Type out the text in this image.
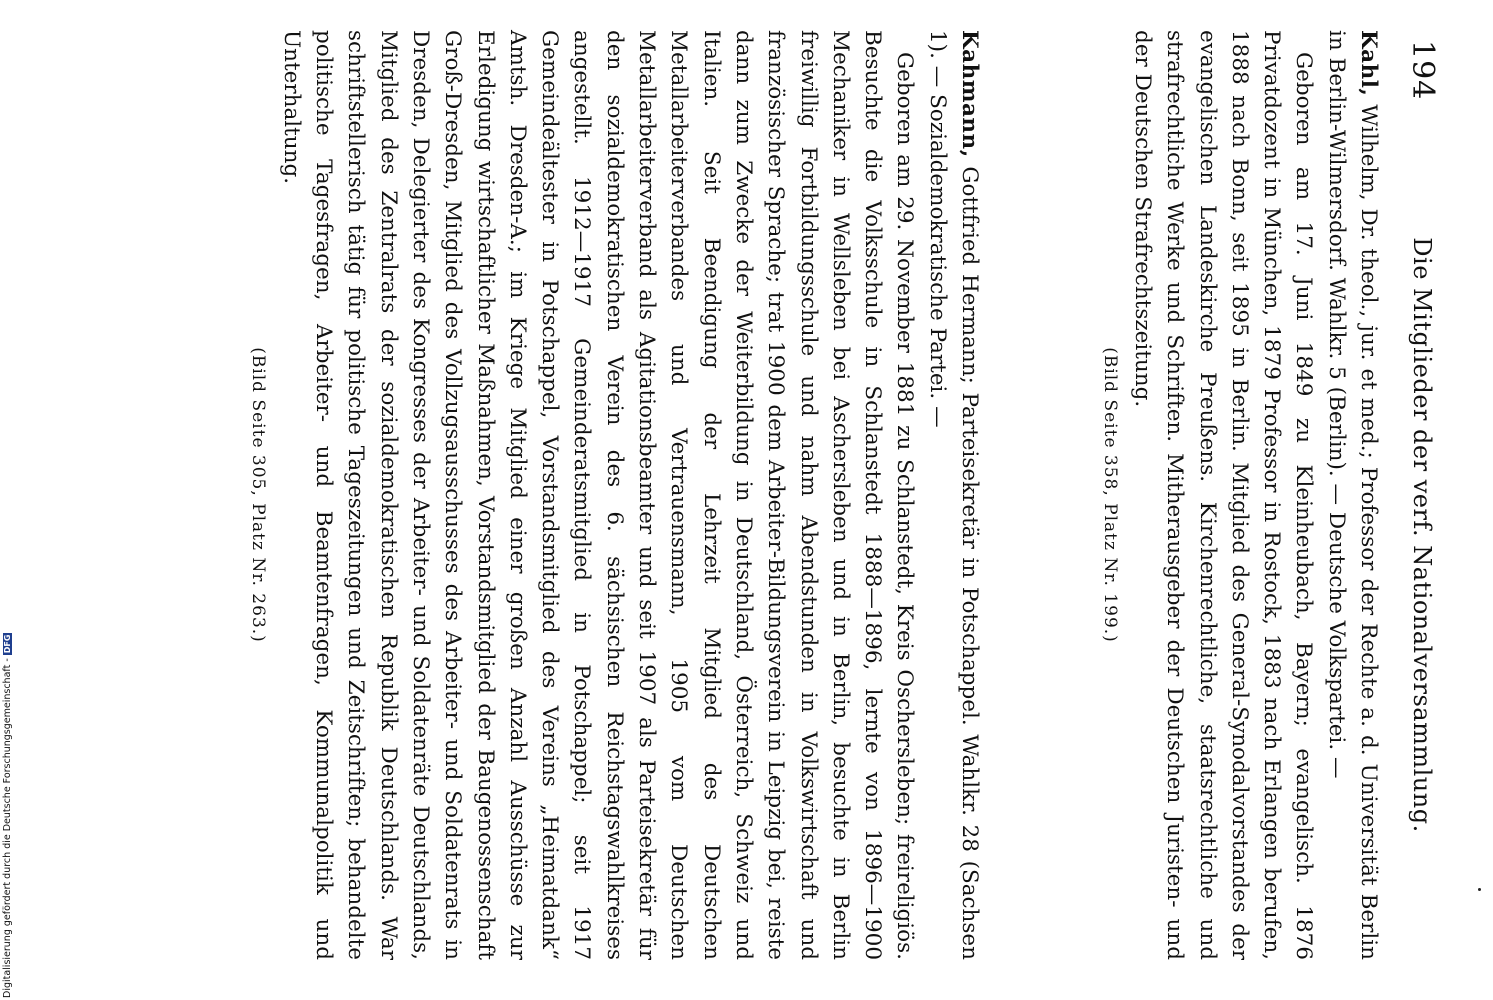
194
Die Mitglieder der verf. Nationalversammlung.

Kahl, Wilhelm, Dr. theol., jur. et med.; Professor der Rechte a. d. Universität Berlin in Berlin-Wilmersdorf. Wahlkr. 5 (Berlin). — Deutsche Volkspartei. —

Geboren am 17. Juni 1849 zu Kleinheubach, Bayern; evangelisch. 1876 Privatdozent in München, 1879 Professor in Rostock, 1883 nach Erlangen berufen, 1888 nach Bonn, seit 1895 in Berlin. Mitglied des General-Synodalvorstandes der evangelischen Landeskirche Preußens. Kirchenrechtliche, staatsrechtliche und strafrechtliche Werke und Schriften. Mitherausgeber der Deutschen Juristen- und der Deutschen Strafrechtszeitung.

(Bild Seite 358, Platz Nr. 199.)

Kahmann, Gottfried Hermann; Parteisekretär in Potschappel. Wahlkr. 28 (Sachsen 1). — Sozialdemokratische Partei. —

Geboren am 29. November 1881 zu Schlanstedt, Kreis Oschersleben; freireligiös. Besuchte die Volksschule in Schlanstedt 1888—1896, lernte von 1896—1900 Mechaniker in Wellsleben bei Aschersleben und in Berlin, besuchte in Berlin freiwillig Fortbildungsschule und nahm Abendstunden in Volkswirtschaft und französischer Sprache; trat 1900 dem Arbeiter-Bildungsverein in Leipzig bei, reiste dann zum Zwecke der Weiterbildung in Deutschland, Österreich, Schweiz und Italien. Seit Beendigung der Lehrzeit Mitglied des Deutschen Metallarbeiterverbandes und Vertrauensmann, 1905 vom Deutschen Metallarbeiterverband als Agitationsbeamter und seit 1907 als Parteisekretär für den sozialdemokratischen Verein des 6. sächsischen Reichstagswahlkreises angestellt. 1912—1917 Gemeinderatsmitglied in Potschappel; seit 1917 Gemeindeältester in Potschappel, Vorstandsmitglied des Vereins „Heimatdank“ Amtsh. Dresden-A.; im Kriege Mitglied einer großen Anzahl Ausschüsse zur Erledigung wirtschaftlicher Maßnahmen, Vorstandsmitglied der Baugenossenschaft Groß-Dresden, Mitglied des Vollzugsausschusses des Arbeiter- und Soldatenrats in Dresden, Delegierter des Kongresses der Arbeiter- und Soldatenräte Deutschlands, Mitglied des Zentralrats der sozialdemokratischen Republik Deutschlands. War schriftstellerisch tätig für politische Tageszeitungen und Zeitschriften; behandelte politische Tagesfragen, Arbeiter- und Beamtenfragen, Kommunalpolitik und Unterhaltung.

(Bild Seite 305, Platz Nr. 263.)

Digitalisierung gefördert durch die Deutsche Forschungsgemeinschaft -DFG
